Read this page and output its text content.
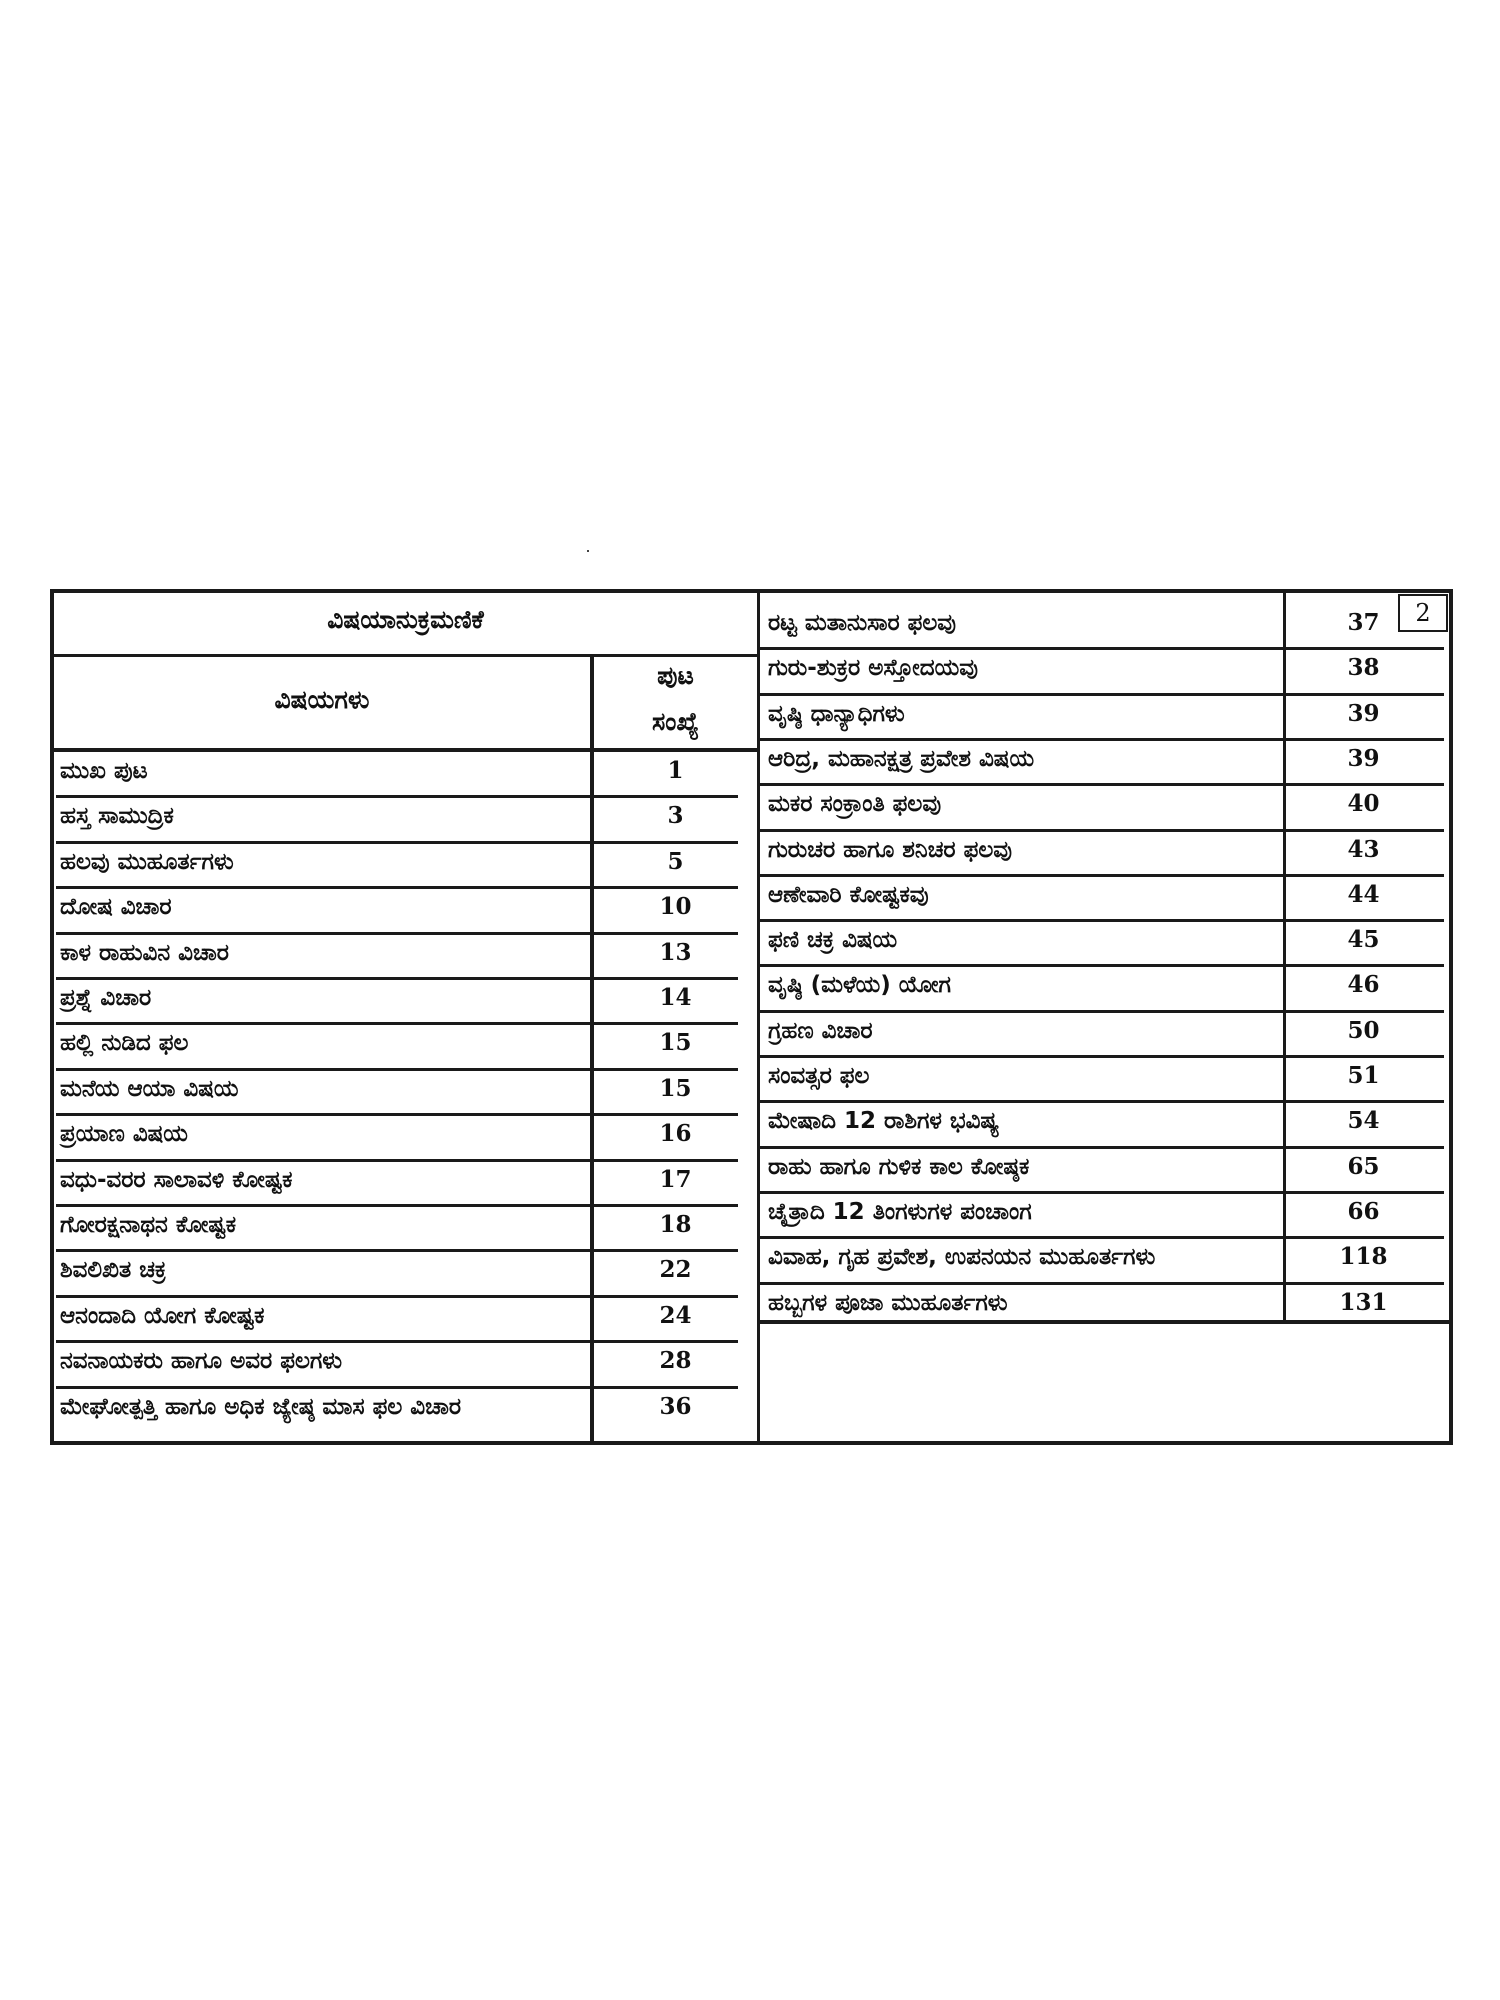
ವಿಷಯಾನುಕ್ರಮಣಿಕೆ
ವಿಷಯಗಳು
ಪುಟ
ಸಂಖ್ಯೆ
ಮುಖ ಪುಟ	1
ಹಸ್ತ ಸಾಮುದ್ರಿಕ	3
ಹಲವು ಮುಹೂರ್ತಗಳು	5
ದೋಷ ವಿಚಾರ	10
ಕಾಳ ರಾಹುವಿನ ವಿಚಾರ	13
ಪ್ರಶ್ನೆ ವಿಚಾರ	14
ಹಲ್ಲಿ ನುಡಿದ ಫಲ	15
ಮನೆಯ ಆಯಾ ವಿಷಯ	15
ಪ್ರಯಾಣ ವಿಷಯ	16
ವಧು-ವರರ ಸಾಲಾವಳಿ ಕೋಷ್ಟಕ	17
ಗೋರಕ್ಷನಾಥನ ಕೋಷ್ಟಕ	18
ಶಿವಲಿಖಿತ ಚಕ್ರ	22
ಆನಂದಾದಿ ಯೋಗ ಕೋಷ್ಟಕ	24
ನವನಾಯಕರು ಹಾಗೂ ಅವರ ಫಲಗಳು	28
ಮೇಘೋತ್ಪತ್ತಿ ಹಾಗೂ ಅಧಿಕ ಜ್ಯೇಷ್ಠ ಮಾಸ ಫಲ ವಿಚಾರ	36
ರಟ್ಟ ಮತಾನುಸಾರ ಫಲವು	37
ಗುರು-ಶುಕ್ರರ ಅಸ್ತೋದಯವು	38
ವೃಷ್ಠಿ ಧಾನ್ಯಾಧಿಗಳು	39
ಆರಿದ್ರ, ಮಹಾನಕ್ಷತ್ರ ಪ್ರವೇಶ ವಿಷಯ	39
ಮಕರ ಸಂಕ್ರಾಂತಿ ಫಲವು	40
ಗುರುಚರ ಹಾಗೂ ಶನಿಚರ ಫಲವು	43
ಆಣೇವಾರಿ ಕೋಷ್ಟಕವು	44
ಫಣಿ ಚಕ್ರ ವಿಷಯ	45
ವೃಷ್ಠಿ (ಮಳೆಯ) ಯೋಗ	46
ಗ್ರಹಣ ವಿಚಾರ	50
ಸಂವತ್ಸರ ಫಲ	51
ಮೇಷಾದಿ 12 ರಾಶಿಗಳ ಭವಿಷ್ಯ	54
ರಾಹು ಹಾಗೂ ಗುಳಿಕ ಕಾಲ ಕೋಷ್ಠಕ	65
ಚೈತ್ರಾದಿ 12 ತಿಂಗಳುಗಳ ಪಂಚಾಂಗ	66
ವಿವಾಹ, ಗೃಹ ಪ್ರವೇಶ, ಉಪನಯನ ಮುಹೂರ್ತಗಳು	118
ಹಬ್ಬಗಳ ಪೂಜಾ ಮುಹೂರ್ತಗಳು	131
2
